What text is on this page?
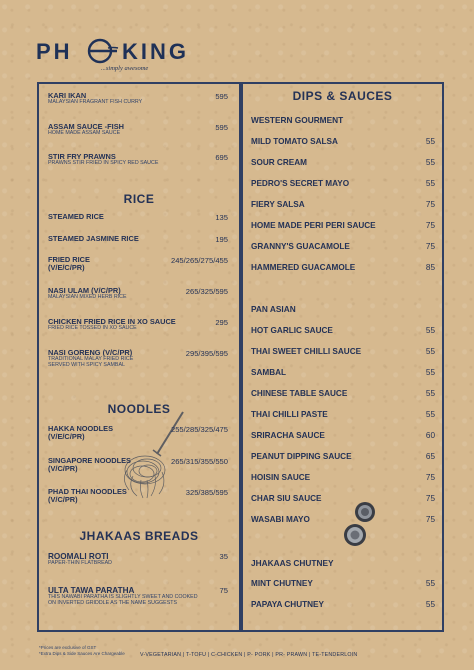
PH KING
...simply awesome
KARI IKAN
MALAYSIAN FRAGRANT FISH CURRY
595
ASSAM SAUCE -FISH
HOME MADE ASSAM SAUCE
595
STIR FRY PRAWNS
PRAWNS STIR FRIED IN SPICY RED SAUCE
695
RICE
STEAMED RICE	135
STEAMED JASMINE RICE	195
FRIED RICE
(V/E/C/PR)
245/265/275/455
NASI ULAM (V/C/PR)
MALAYSIAN MIXED HERB RICE
265/325/595
CHICKEN FRIED RICE IN XO SAUCE
FRIED RICE TOSSED IN XO SAUCE
295
NASI GORENG (V/C/PR)
TRADITIONAL MALAY FRIED RICE
SERVED WITH SPICY SAMBAL
295/395/595
NOODLES
HAKKA NOODLES
(V/E/C/PR)
255/285/325/475
SINGAPORE NOODLES
(V/C/PR)
265/315/355/550
PHAD THAI NOODLES
(V/C/PR)
325/385/595
JHAKAAS BREADS
ROOMALI ROTI
PAPER-THIN FLATBREAD
35
ULTA TAWA PARATHA
THIS NAWABI PARATHA IS SLIGHTLY SWEET AND COOKED
ON INVERTED GRIDDLE AS THE NAME SUGGESTS
75
DIPS & SAUCES
WESTERN GOURMENT
MILD TOMATO SALSA	55
SOUR CREAM	55
PEDRO'S SECRET MAYO	55
FIERY SALSA	75
HOME MADE PERI PERI SAUCE	75
GRANNY'S GUACAMOLE	75
HAMMERED GUACAMOLE	85
PAN ASIAN
HOT GARLIC SAUCE	55
THAI SWEET CHILLI SAUCE	55
SAMBAL	55
CHINESE TABLE SAUCE	55
THAI CHILLI PASTE	55
SRIRACHA SAUCE	60
PEANUT DIPPING SAUCE	65
HOISIN SAUCE	75
CHAR SIU SAUCE	75
WASABI MAYO	75
JHAKAAS CHUTNEY
MINT CHUTNEY	55
PAPAYA CHUTNEY	55
*Prices are exclusive of GST
*Extra Dips & Side Sauces Are Chargeable	V-VEGETARIAN | T-TOFU | C-CHICKEN | P- PORK | PR- PRAWN | TE-TENDERLOIN
